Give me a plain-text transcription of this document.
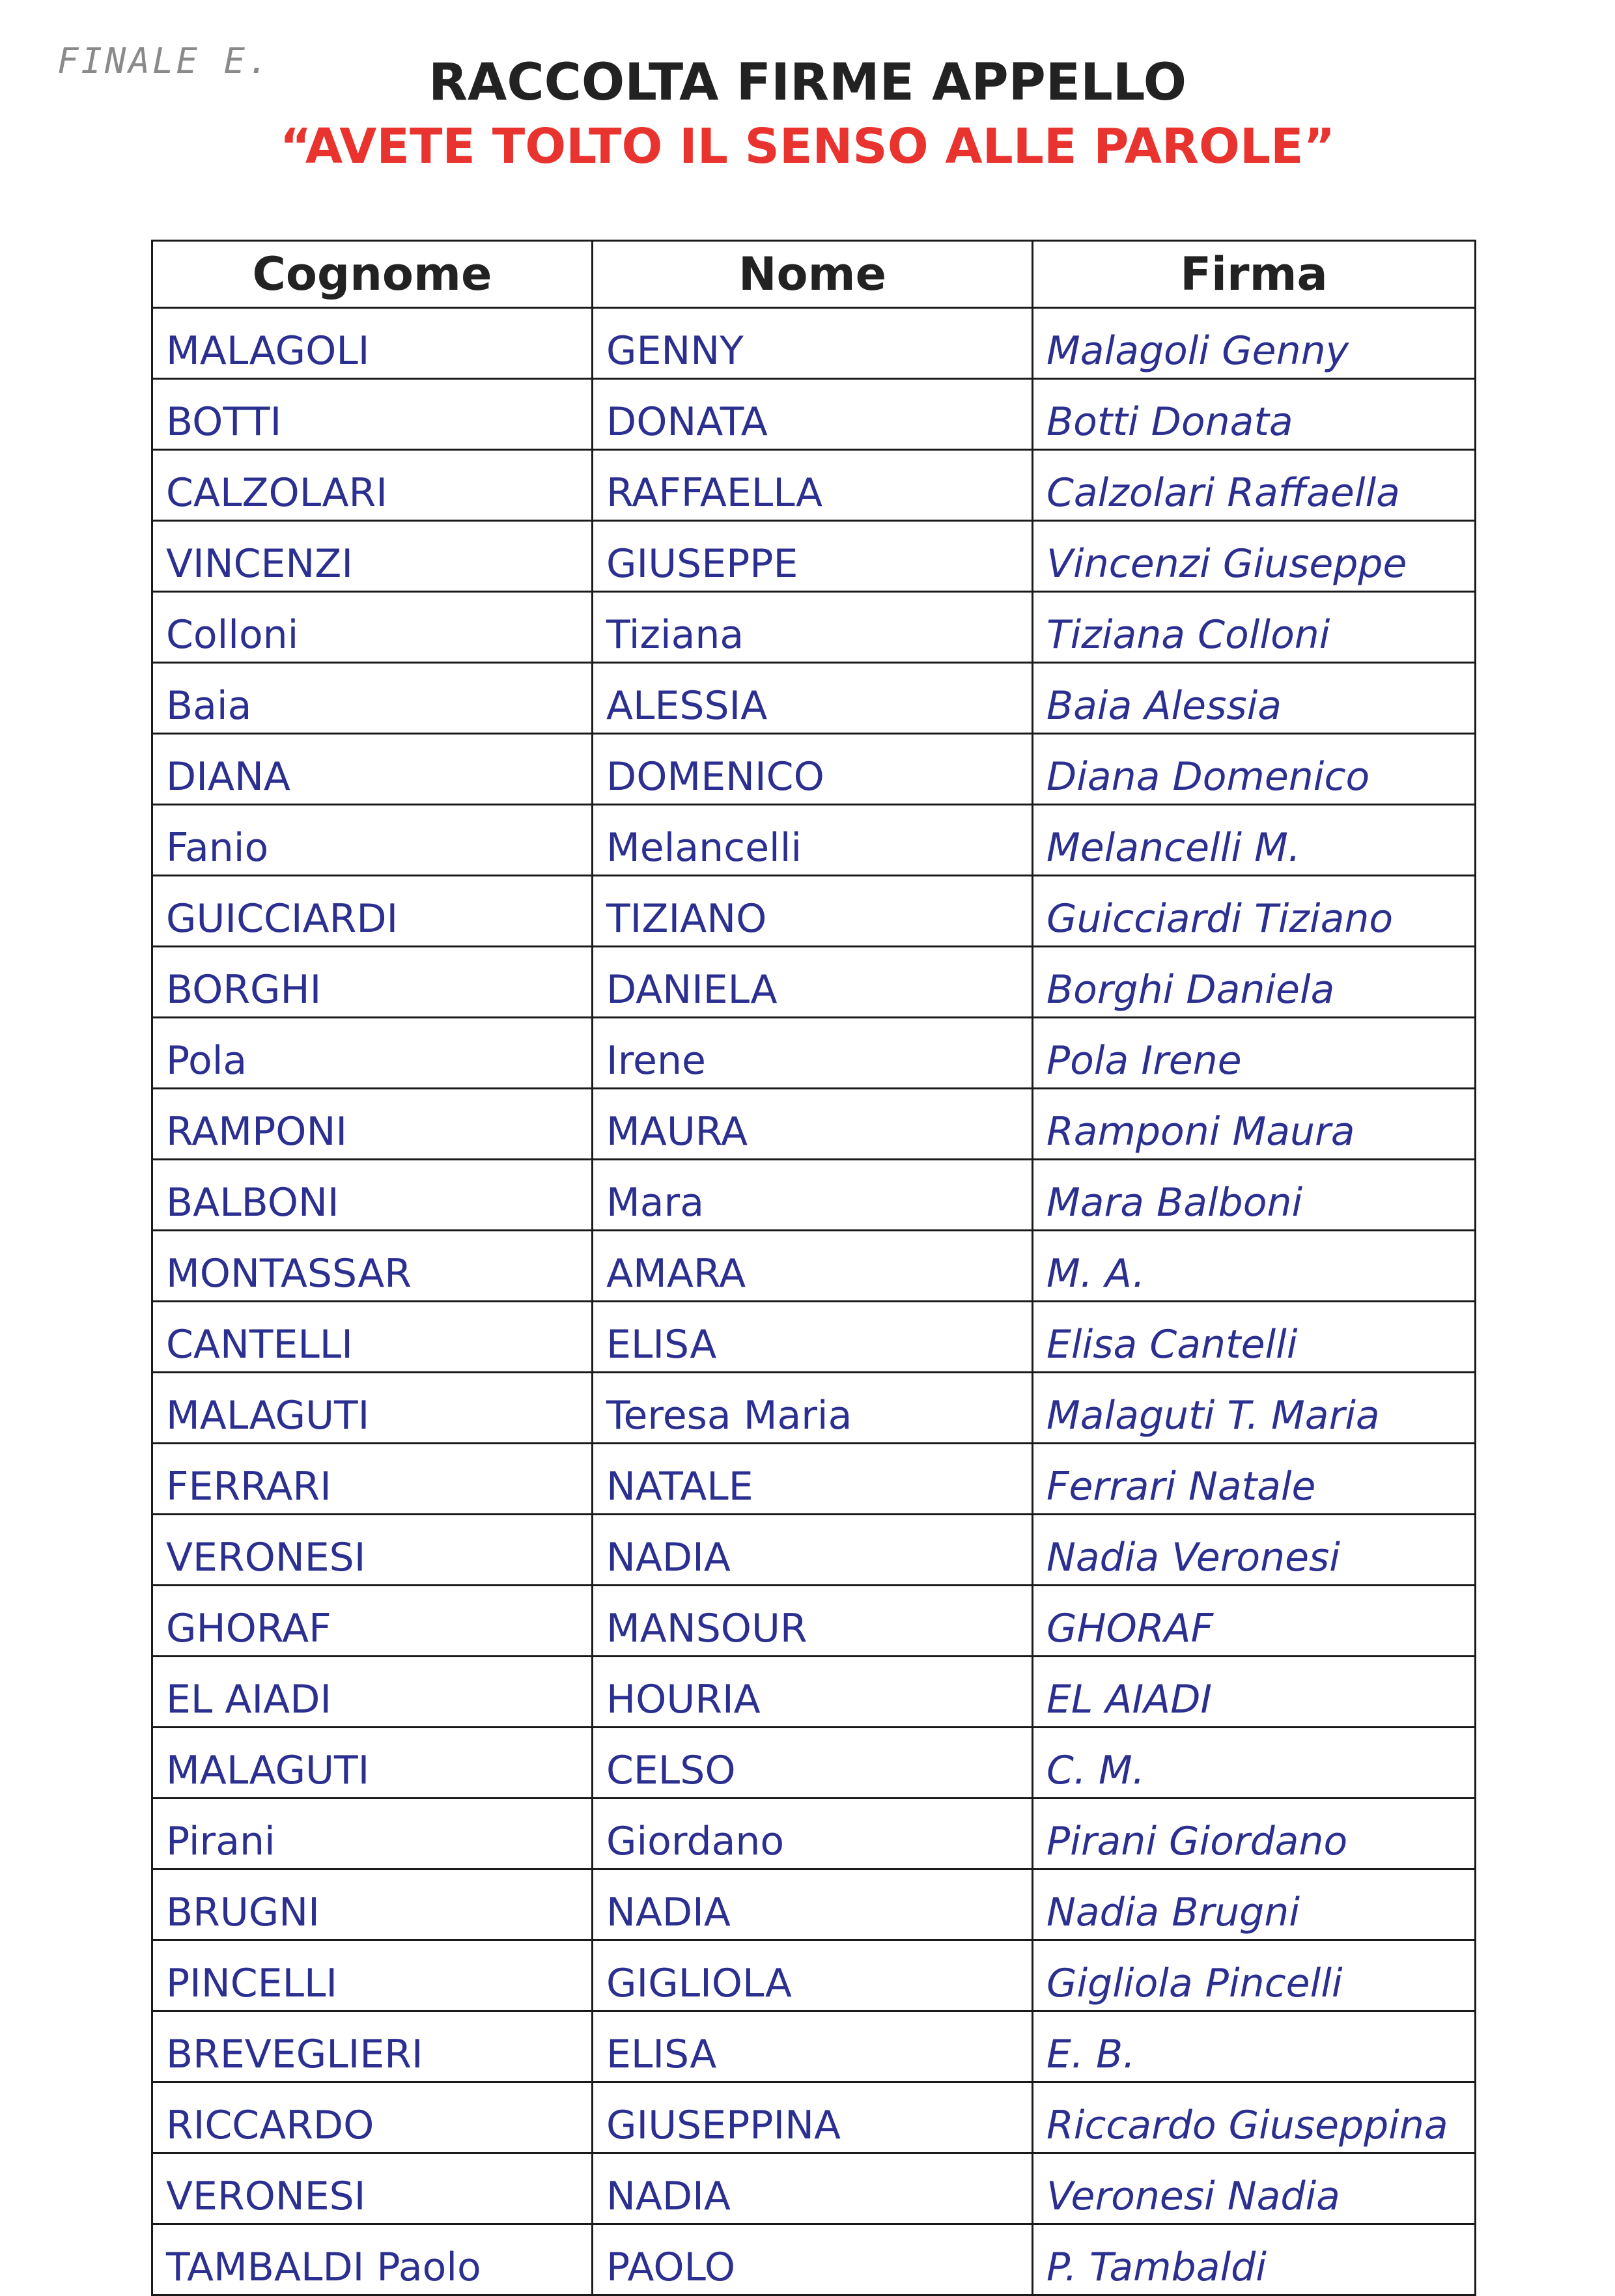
FINALE E.	RACCOLTA FIRME APPELLO
“AVETE TOLTO IL SENSO ALLE PAROLE”
Cognome	Nome	Firma
MALAGOLI	GENNY	Malagoli Genny
BOTTI	DONATA	Botti Donata
CALZOLARI	RAFFAELLA	Calzolari Raffaella
VINCENZI	GIUSEPPE	Vincenzi Giuseppe
Colloni	Tiziana	Tiziana Colloni
Baia	ALESSIA	Baia Alessia
DIANA	DOMENICO	Diana Domenico
Fanio	Melancelli	Melancelli M.
GUICCIARDI	TIZIANO	Guicciardi Tiziano
BORGHI	DANIELA	Borghi Daniela
Pola	Irene	Pola Irene
RAMPONI	MAURA	Ramponi Maura
BALBONI	Mara	Mara Balboni
MONTASSAR	AMARA	M. A.
CANTELLI	ELISA	Elisa Cantelli
MALAGUTI	Teresa Maria	Malaguti T. Maria
FERRARI	NATALE	Ferrari Natale
VERONESI	NADIA	Nadia Veronesi
GHORAF	MANSOUR	GHORAF
EL AIADI	HOURIA	EL AIADI
MALAGUTI	CELSO	C. M.
Pirani	Giordano	Pirani Giordano
BRUGNI	NADIA	Nadia Brugni
PINCELLI	GIGLIOLA	Gigliola Pincelli
BREVEGLIERI	ELISA	E. B.
RICCARDO	GIUSEPPINA	Riccardo Giuseppina
VERONESI	NADIA	Veronesi Nadia
TAMBALDI Paolo	PAOLO	P. Tambaldi
